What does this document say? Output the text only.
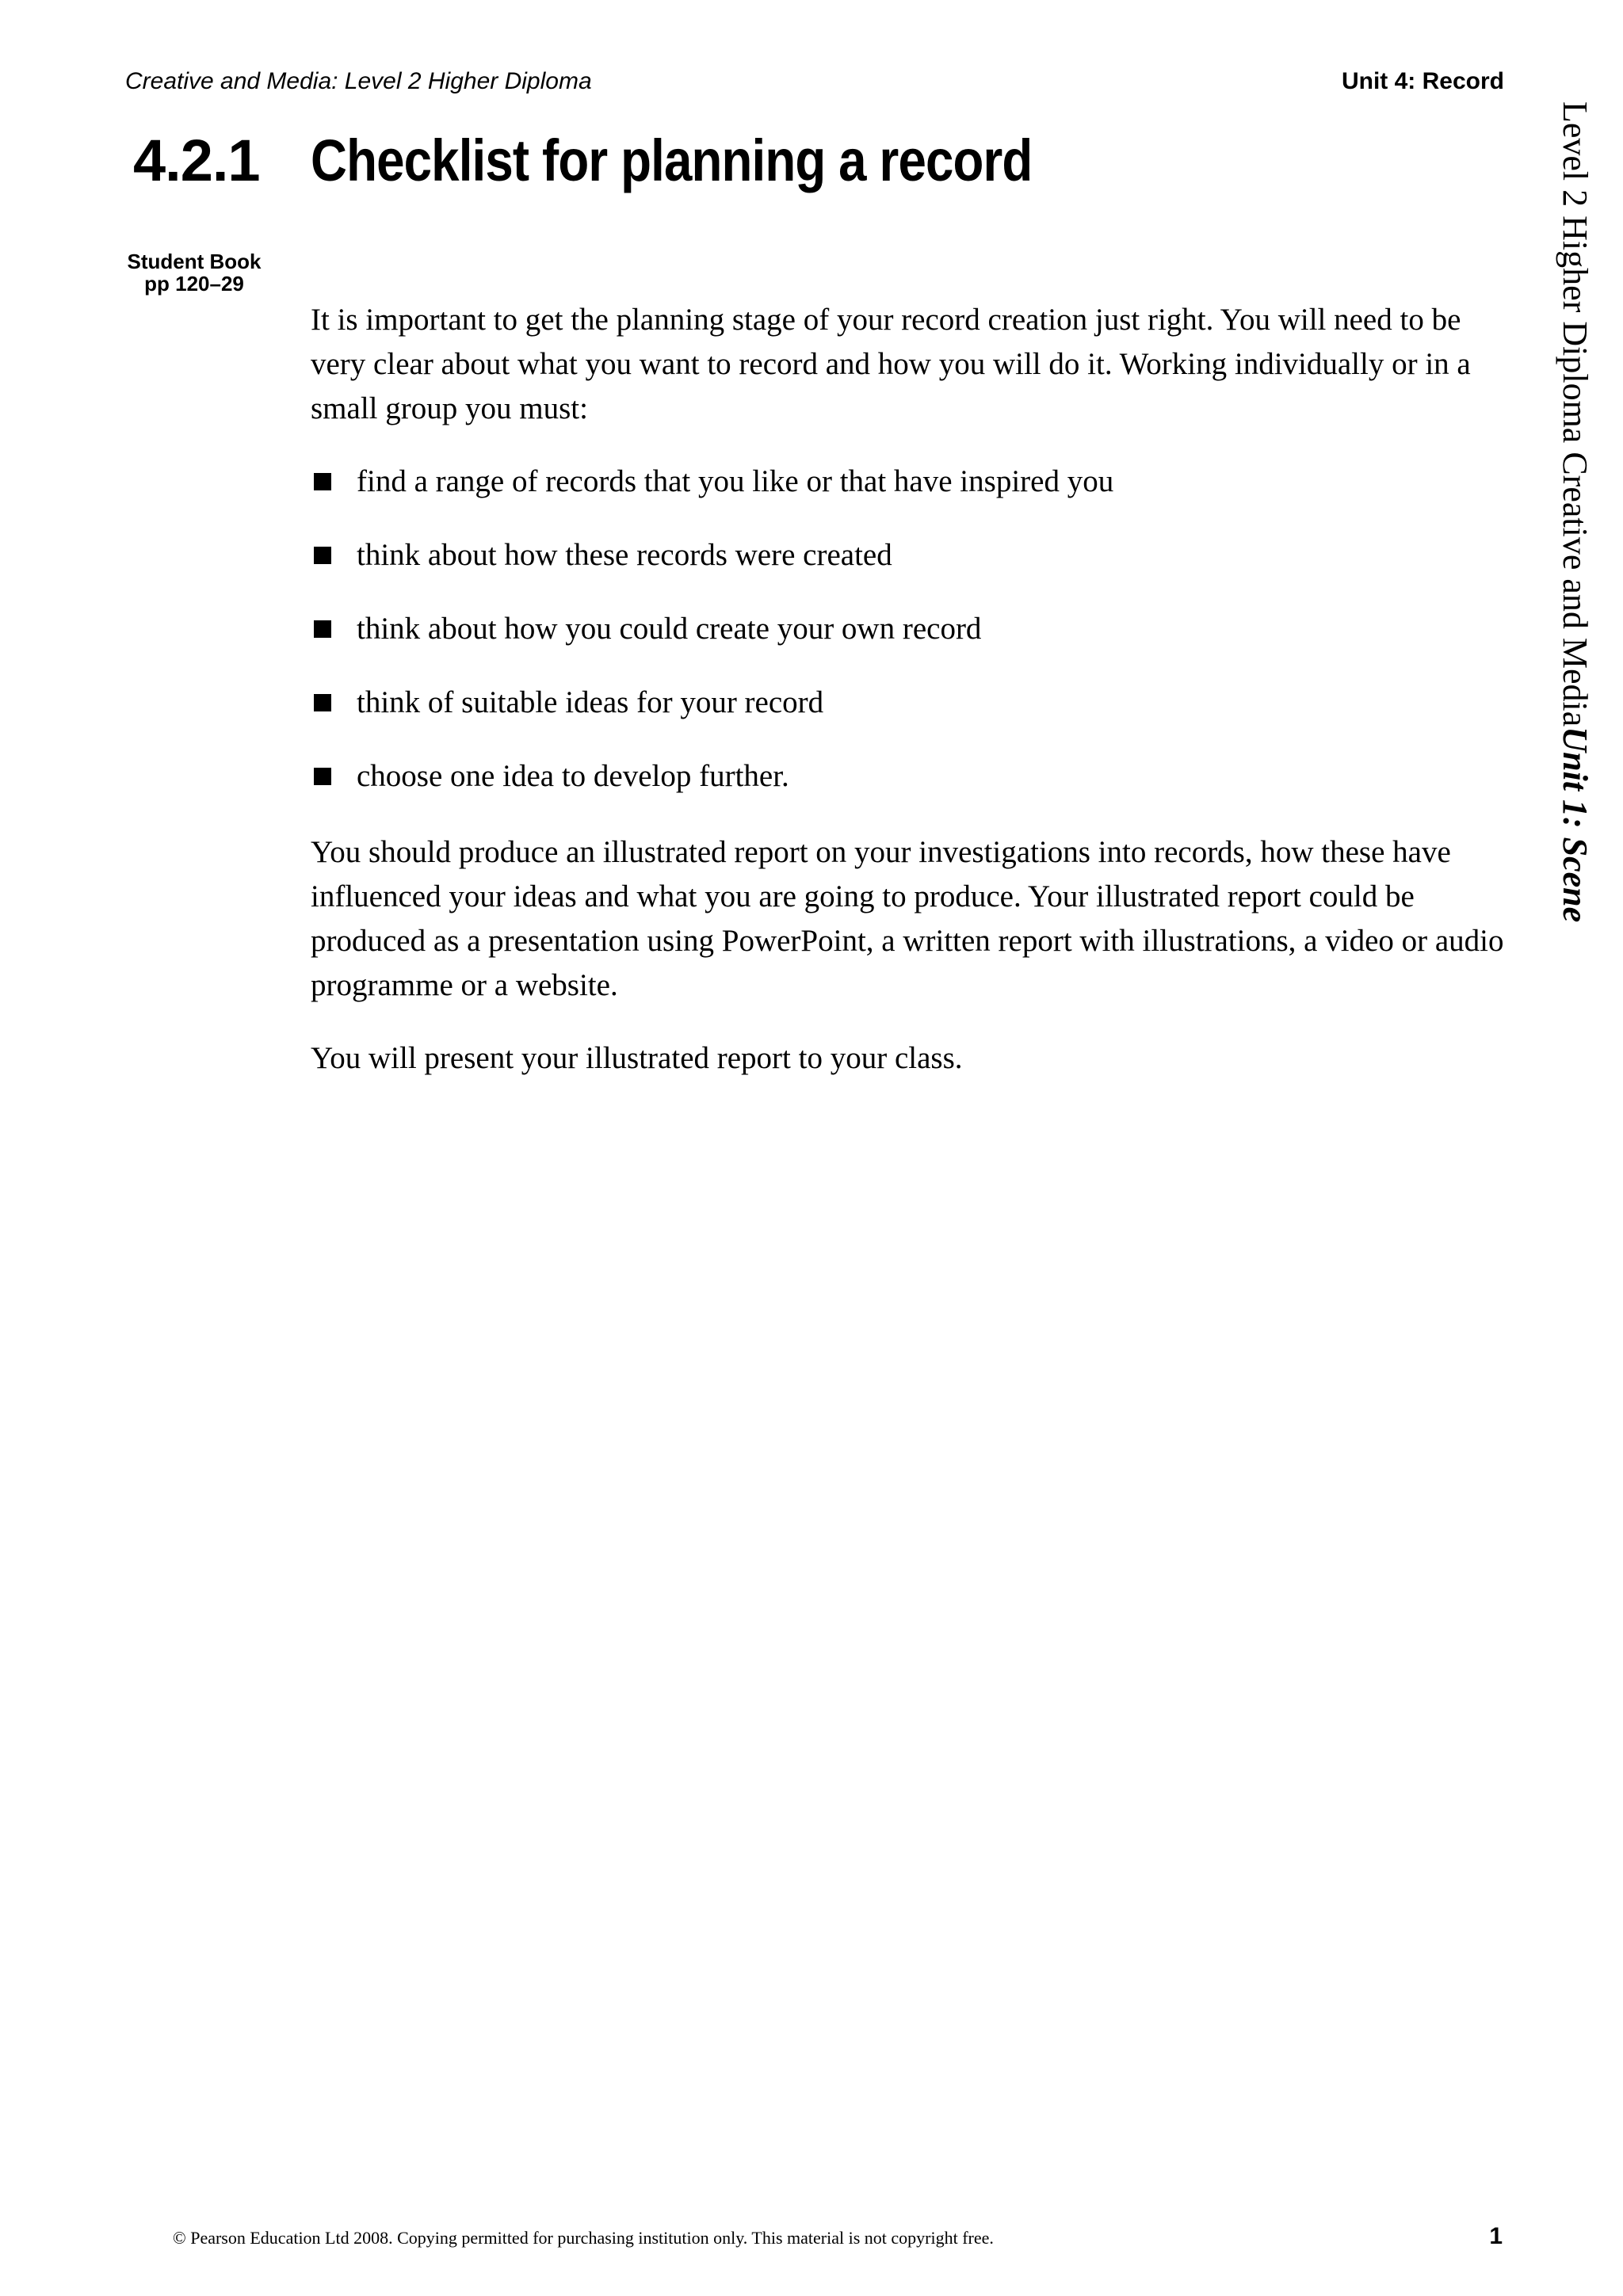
Creative and Media: Level 2 Higher Diploma	Unit 4: Record
4.2.1 Checklist for planning a record
Student Book
pp 120–29

It is important to get the planning stage of your record creation just right. You will need to be very clear about what you want to record and how you will do it. Working individually or in a small group you must:

find a range of records that you like or that have inspired you
think about how these records were created
think about how you could create your own record
think of suitable ideas for your record
choose one idea to develop further.

You should produce an illustrated report on your investigations into records, how these have influenced your ideas and what you are going to produce. Your illustrated report could be produced as a presentation using PowerPoint, a written report with illustrations, a video or audio programme or a website.

You will present your illustrated report to your class.

Level 2 Higher Diploma Creative and MediaUnit 1: Scene
© Pearson Education Ltd 2008. Copying permitted for purchasing institution only. This material is not copyright free.	1
